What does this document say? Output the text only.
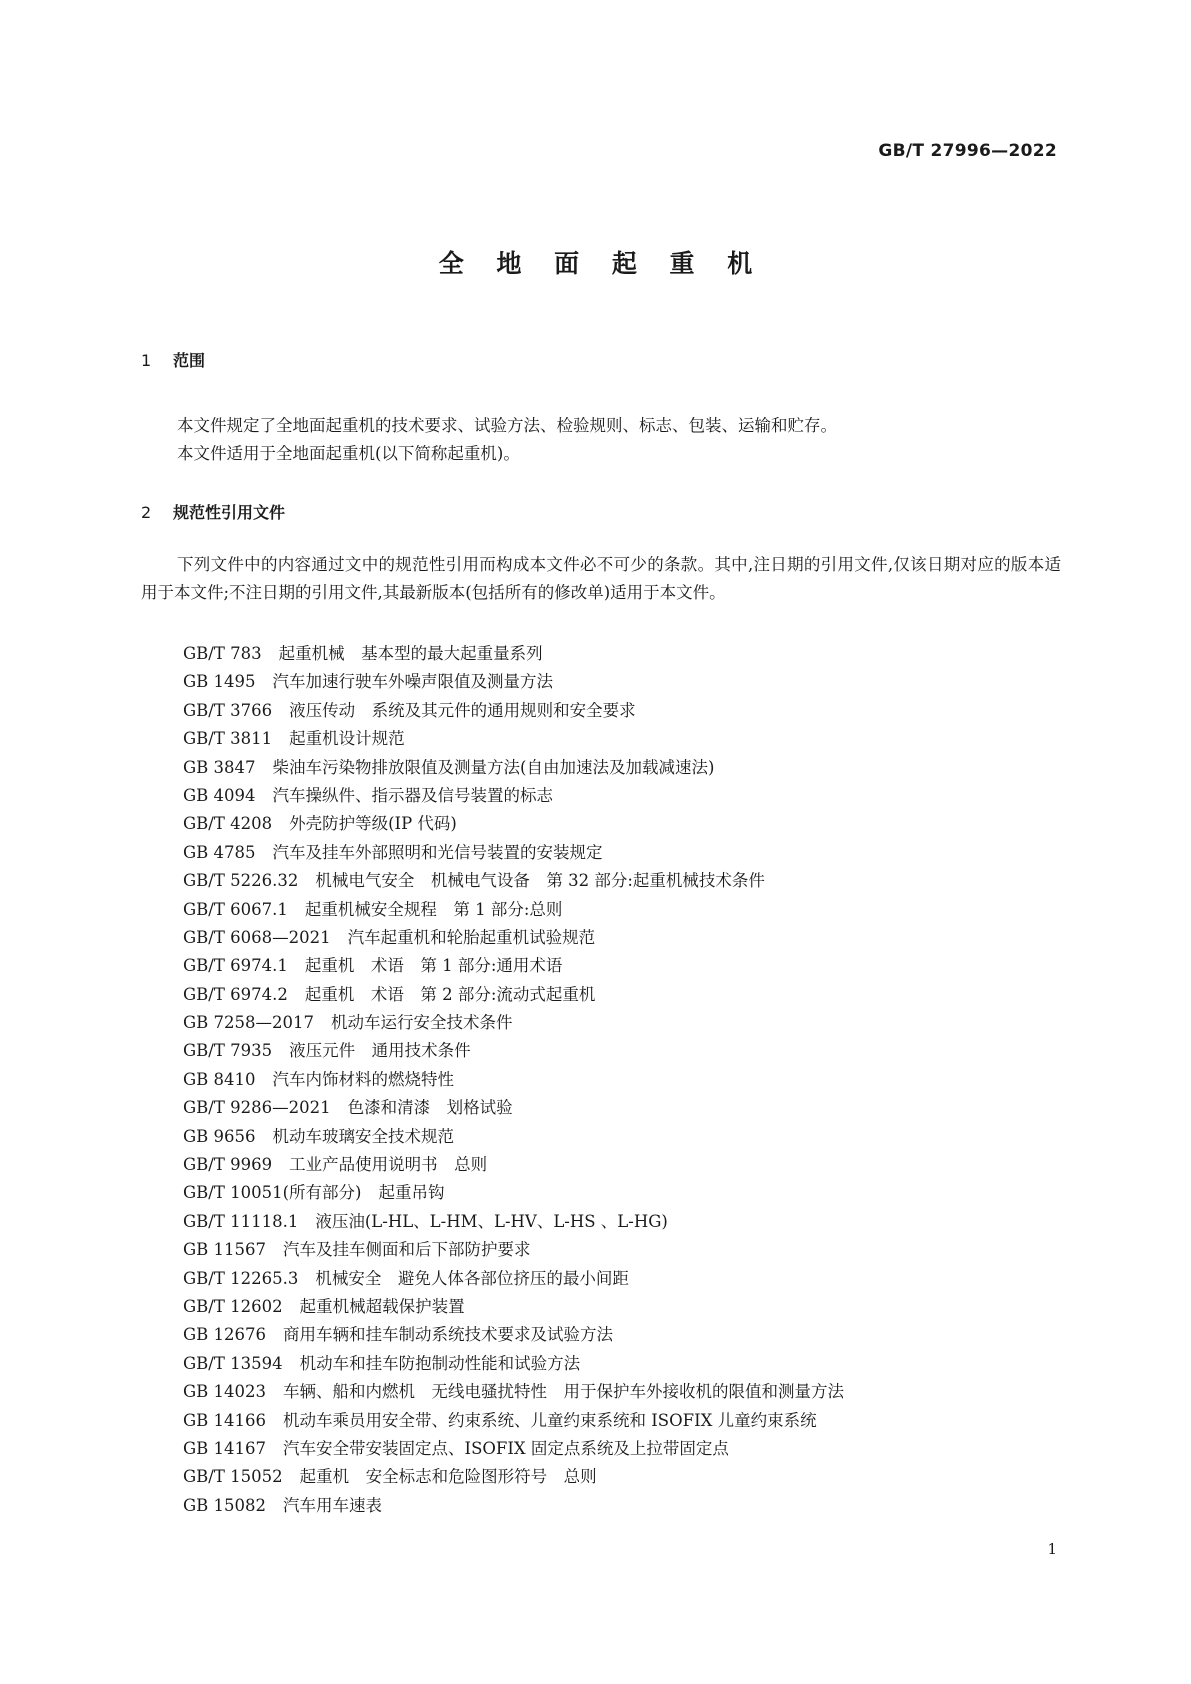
GB/T 27996—2022
全 地 面 起 重 机
1 范围
本文件规定了全地面起重机的技术要求、试验方法、检验规则、标志、包装、运输和贮存。
本文件适用于全地面起重机(以下简称起重机)。
2 规范性引用文件
下列文件中的内容通过文中的规范性引用而构成本文件必不可少的条款。其中,注日期的引用文件,仅该日期对应的版本适用于本文件;不注日期的引用文件,其最新版本(包括所有的修改单)适用于本文件。
GB/T 783 起重机械　基本型的最大起重量系列
GB 1495 汽车加速行驶车外噪声限值及测量方法
GB/T 3766 液压传动　系统及其元件的通用规则和安全要求
GB/T 3811 起重机设计规范
GB 3847 柴油车污染物排放限值及测量方法(自由加速法及加载减速法)
GB 4094 汽车操纵件、指示器及信号装置的标志
GB/T 4208 外壳防护等级(IP 代码)
GB 4785 汽车及挂车外部照明和光信号装置的安装规定
GB/T 5226.32 机械电气安全　机械电气设备　第 32 部分:起重机械技术条件
GB/T 6067.1 起重机械安全规程　第 1 部分:总则
GB/T 6068—2021 汽车起重机和轮胎起重机试验规范
GB/T 6974.1 起重机　术语　第 1 部分:通用术语
GB/T 6974.2 起重机　术语　第 2 部分:流动式起重机
GB 7258—2017 机动车运行安全技术条件
GB/T 7935 液压元件　通用技术条件
GB 8410 汽车内饰材料的燃烧特性
GB/T 9286—2021 色漆和清漆　划格试验
GB 9656 机动车玻璃安全技术规范
GB/T 9969 工业产品使用说明书　总则
GB/T 10051(所有部分) 起重吊钩
GB/T 11118.1 液压油(L-HL、L-HM、L-HV、L-HS 、L-HG)
GB 11567 汽车及挂车侧面和后下部防护要求
GB/T 12265.3 机械安全　避免人体各部位挤压的最小间距
GB/T 12602 起重机械超载保护装置
GB 12676 商用车辆和挂车制动系统技术要求及试验方法
GB/T 13594 机动车和挂车防抱制动性能和试验方法
GB 14023 车辆、船和内燃机　无线电骚扰特性　用于保护车外接收机的限值和测量方法
GB 14166 机动车乘员用安全带、约束系统、儿童约束系统和 ISOFIX 儿童约束系统
GB 14167 汽车安全带安装固定点、ISOFIX 固定点系统及上拉带固定点
GB/T 15052 起重机　安全标志和危险图形符号　总则
GB 15082 汽车用车速表
1
